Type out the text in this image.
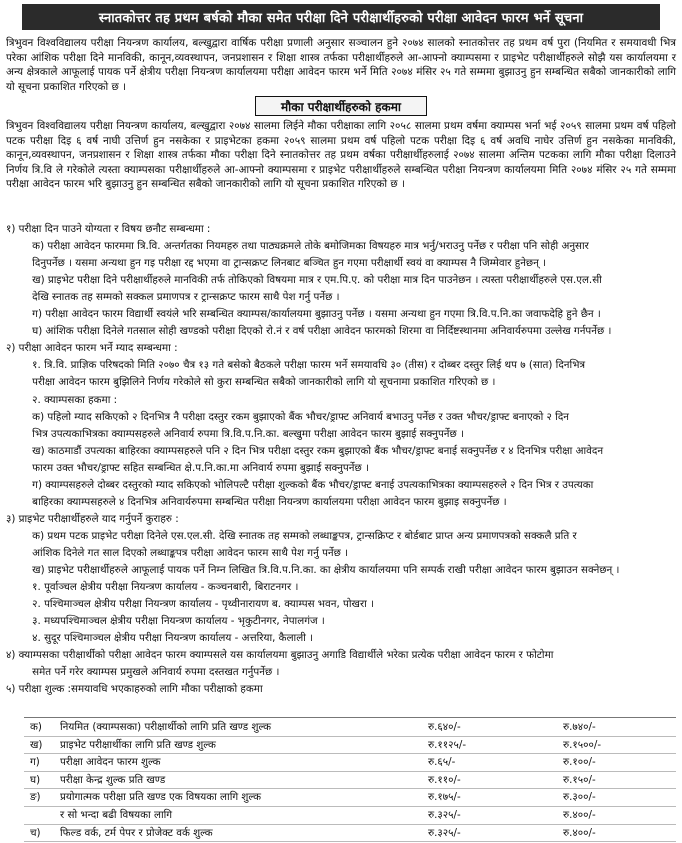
स्नातकोत्तर तह प्रथम बर्षको मौका समेत परीक्षा दिने परीक्षार्थीहरुको परीक्षा आवेदन फारम भर्ने सूचना
त्रिभुवन विश्वविद्यालय परीक्षा नियन्त्रण कार्यालय, बल्खुद्वारा वार्षिक परीक्षा प्रणाली अनुसार सञ्चालन हुने २०७४ सालको स्नातकोत्तर तह प्रथम वर्ष पुरा (नियमित र समयावधी भित्र परेका आंशिक परीक्षा दिने मानविकी, कानून,व्यवस्थापन, जनप्रशासन र शिक्षा शास्त्र तर्फका परीक्षार्थीहरुले आ-आफ्नो क्याम्पसमा र प्राइभेट परीक्षार्थीहरुले सोझै यस कार्यालयमा र अन्य क्षेत्रकाले आफूलाई पायक पर्ने क्षेत्रीय परीक्षा नियन्त्रण कार्यालयमा परीक्षा आवेदन फारम भर्ने मिति २०७४ मंसिर २५ गते सम्ममा बुझाउनु हुन सम्बन्धित सबैको जानकारीको लागि यो सूचना प्रकाशित गरिएको छ ।
मौका परीक्षार्थीहरुको हकमा
त्रिभुवन विश्वविद्यालय परीक्षा नियन्त्रण कार्यालय, बल्खुद्वारा २०७४ सालमा लिईने मौका परीक्षाका लागि २०५८ सालमा प्रथम वर्षमा क्याम्पस भर्ना भई २०५९ सालमा प्रथम वर्ष पहिलो पटक परीक्षा दिइ ६ वर्ष नाघी उत्तिर्ण हुन नसकेका र प्राइभेटका हकमा २०५९ सालमा प्रथम वर्ष पहिलो पटक परीक्षा दिइ ६ वर्ष अवधि नाघेर उत्तिर्ण हुन नसकेका मानविकी, कानून,व्यवस्थापन, जनप्रशासन र शिक्षा शास्त्र तर्फका मौका परीक्षा दिने स्नातकोत्तर तह प्रथम वर्षका परीक्षार्थीहरुलाई २०७४ सालमा अन्तिम पटकका लागि मौका परीक्षा दिलाउने निर्णय त्रि.वि ले गरेकोले त्यस्ता क्याम्पसका परीक्षार्थीहरुले आ-आफ्नो क्याम्पसमा र प्राइभेट परीक्षार्थीहरुले सम्बन्धित परीक्षा नियन्त्रण कार्यालयमा मिति २०७४ मंसिर २५ गते सम्ममा परीक्षा आवेदन फारम भरि बुझाउनु हुन सम्बन्धित सबैको जानकारीको लागि यो सूचना प्रकाशित गरिएको छ ।
१) परीक्षा दिन पाउने योग्यता र विषय छनौट सम्बन्धमा :
क) परीक्षा आवेदन फारममा त्रि.वि. अन्तर्गतका नियमहरु तथा पाठ्यक्रमले तोके बमोजिमका विषयहरु मात्र भर्नु/भराउनु पर्नेछ र परीक्षा पनि सोही अनुसार
दिनुपर्नेछ । यसमा अन्यथा हुन गइ परीक्षा रद्द भएमा वा ट्रान्सक्रप्ट लिनबाट बञ्चित हुन गएमा परीक्षार्थी स्वयं वा क्याम्पस नै जिम्मेवार हुनेछन् ।
ख) प्राइभेट परीक्षा दिने परीक्षार्थीहरुले मानविकी तर्फ तोकिएको विषयमा मात्र र एम.पि.ए. को परीक्षा मात्र दिन पाउनेछन । त्यस्ता परीक्षार्थीहरुले एस.एल.सी
देखि स्नातक तह सम्मको सक्कल प्रमाणपत्र र ट्रान्सक्रप्ट फारम साथै पेश गर्नु पर्नेछ ।
ग) परीक्षा आवेदन फारम विद्यार्थी स्वयंले भरि सम्बन्धित क्याम्पस/कार्यालयमा बुझाउनु पर्नेछ । यसमा अन्यथा हुन गएमा त्रि.वि.प.नि.का जवाफदेहि हुने छैन ।
घ) आंशिक परीक्षा दिनेले गतसाल सोही खण्डको परीक्षा दिएको रो.नं र वर्ष परीक्षा आवेदन फारमको शिरमा वा निर्दिष्टस्थानमा अनिवार्यरुपमा उल्लेख गर्नपर्नेछ ।
२) परीक्षा आवेदन फारम भर्ने म्याद सम्बन्धमा :
१. त्रि.वि. प्राज्ञिक परिषदको मिति २०७० चैत्र १३ गते बसेको बैठकले परीक्षा फारम भर्ने समयावधि ३० (तीस) र दोब्बर दस्तुर लिई थप ७ (सात) दिनभित्र
परीक्षा आवेदन फारम बुझिलिने निर्णय गरेकोले सो कुरा सम्बन्धित सबैको जानकारीको लागि यो सूचनामा प्रकाशित गरिएको छ ।
२. क्याम्पसका हकमा :
क) पहिलो म्याद सकिएको २ दिनभित्र नै परीक्षा दस्तुर रकम बुझाएको बैंक भौचर/ड्राफ्ट अनिवार्य बभाउनु पर्नेछ र उक्त भौचर/ड्राफ्ट बनाएको २ दिन
भित्र उपत्यकाभित्रका क्याम्पसहरुले अनिवार्य रुपमा त्रि.वि.प.नि.का. बल्खुमा परीक्षा आवेदन फारम बुझाई सक्नुपर्नेछ ।
ख) काठमाडौं उपत्यका बाहिरका क्याम्पसहरुले पनि २ दिन भित्र परीक्षा दस्तुर रकम बुझाएको बैंक भौचर/ड्राफ्ट बनाई सक्नुपर्नेछ र ४ दिनभित्र परीक्षा आवेदन
फारम उक्त भौचर/ड्राफ्ट सहित सम्बन्धित क्षे.प.नि.का.मा अनिवार्य रुपमा बुझाई सक्नुपर्नेछ ।
ग) क्याम्पसहरुले दोब्बर दस्तुरको म्याद सकिएको भोलिपल्टै परीक्षा शुल्कको बैंक भौचर/ड्राफ्ट बनाई उपत्यकाभित्रका क्याम्पसहरुले २ दिन भित्र र उपत्यका
बाहिरका क्याम्पसहरुले ४ दिनभित्र अनिवार्यरुपमा सम्बन्धित परीक्षा नियन्त्रण कार्यालयमा परीक्षा आवेदन फारम बुझाइ सक्नुपर्नेछ ।
३) प्राइभेट परीक्षार्थीहरुले याद गर्नुपर्ने कुराहरु :
क) प्रथम पटक प्राइभेट परीक्षा दिनेले एस.एल.सी. देखि स्नातक तह सम्मको लब्धाङ्कपत्र, ट्रान्सक्रिप्ट र बोर्डबाट प्राप्त अन्य प्रमाणपत्रको सक्कलै प्रति र
आंशिक दिनेले गत साल दिएको लब्धाङ्कपत्र परीक्षा आवेदन फारम साथै पेश गर्नु पर्नेछ ।
ख) प्राइभेट परीक्षार्थीहरुले आफूलाई पायक पर्ने निम्न लिखित त्रि.वि.प.नि.का. का क्षेत्रीय कार्यालयमा पनि सम्पर्क राखी परीक्षा आवेदन फारम बुझाउन सक्नेछन् ।
१. पूर्वाञ्चल क्षेत्रीय परीक्षा नियन्त्रण कार्यालय - कञ्चनबारी, बिराटनगर ।
२. पश्चिमाञ्चल क्षेत्रीय परीक्षा नियन्त्रण कार्यालय - पृथ्वीनारायण ब. क्याम्पस भवन, पोखरा ।
३. मध्यपश्चिमाञ्चल क्षेत्रीय परीक्षा नियन्त्रण कार्यालय - भृकुटीनगर, नेपालगंज ।
४. सुदूर पश्चिमाञ्चल क्षेत्रीय परीक्षा नियन्त्रण कार्यालय - अत्तरिया, कैलाली ।
४) क्याम्पसका परीक्षार्थीको परीक्षा आवेदन फारम क्याम्पसले यस कार्यालयमा बुझाउनु अगाडि विद्यार्थीले भरेका प्रत्येक परीक्षा आवेदन फारम र फोटोमा
समेत पर्ने गरेर क्याम्पस प्रमुखले अनिवार्य रुपमा दस्तखत गर्नुपर्नेछ ।
५) परीक्षा शुल्क :समयावधि भएकाहरुको लागि मौका परीक्षाको हकमा
क) नियमित (क्याम्पसका) परीक्षार्थीको लागि प्रति खण्ड शुल्क	रु.६४०/-	रु.७४०/-
ख) प्राइभेट परीक्षार्थीका लागि प्रति खण्ड शुल्क	रु.११२५/-	रु.१५००/-
ग) परीक्षा आवेदन फारम शुल्क	रु.६५/-	रु.१००/-
घ) परीक्षा केन्द्र शुल्क प्रति खण्ड	रु.११०/-	रु.१५०/-
ङ) प्रयोगात्मक परीक्षा प्रति खण्ड एक विषयका लागि शुल्क	रु.१७५/-	रु.३००/-
र सो भन्दा बढी विषयका लागि	रु.३२५/-	रु.४००/-
च) फिल्ड वर्क, टर्म पेपर र प्रोजेक्ट वर्क शुल्क	रु.३२५/-	रु.४००/-
